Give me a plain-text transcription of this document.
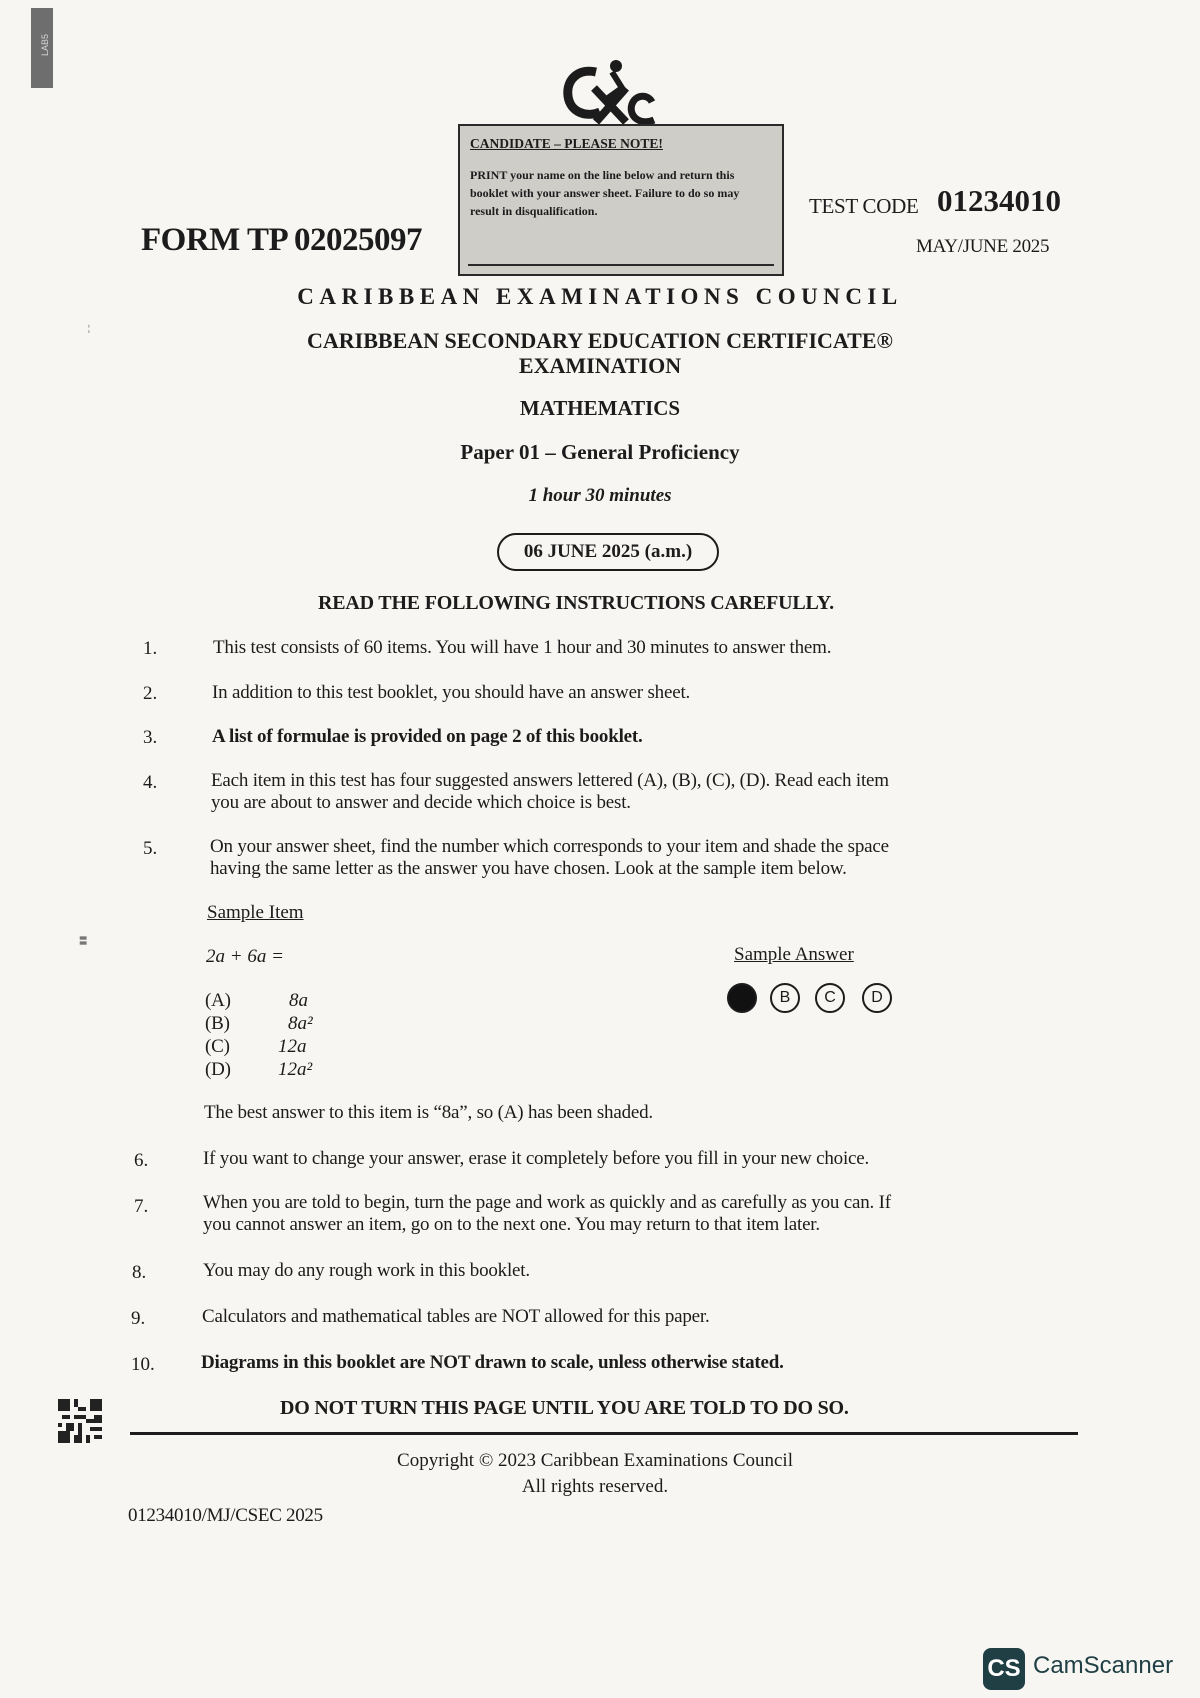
LAB5
╴╴
▮▮
CANDIDATE – PLEASE NOTE!
PRINT your name on the line below and return this booklet with your answer sheet. Failure to do so may result in disqualification.
FORM TP 02025097
TEST CODE 01234010
MAY/JUNE 2025
CARIBBEAN EXAMINATIONS COUNCIL
CARIBBEAN SECONDARY EDUCATION CERTIFICATE®
EXAMINATION
MATHEMATICS
Paper 01 – General Proficiency
1 hour 30 minutes
06 JUNE 2025 (a.m.)
READ THE FOLLOWING INSTRUCTIONS CAREFULLY.
1.	This test consists of 60 items. You will have 1 hour and 30 minutes to answer them.
2.	In addition to this test booklet, you should have an answer sheet.
3.	A list of formulae is provided on page 2 of this booklet.
4.	Each item in this test has four suggested answers lettered (A), (B), (C), (D). Read each item
you are about to answer and decide which choice is best.
5.	On your answer sheet, find the number which corresponds to your item and shade the space
having the same letter as the answer you have chosen. Look at the sample item below.
Sample Item
2a + 6a =
(A)	8a
(B)	8a²
(C)	12a
(D) 12a²
Sample Answer
B	C	D
The best answer to this item is “8a”, so (A) has been shaded.
6.	If you want to change your answer, erase it completely before you fill in your new choice.
7.	When you are told to begin, turn the page and work as quickly and as carefully as you can. If
you cannot answer an item, go on to the next one. You may return to that item later.
8.	You may do any rough work in this booklet.
9.	Calculators and mathematical tables are NOT allowed for this paper.
10. Diagrams in this booklet are NOT drawn to scale, unless otherwise stated.
DO NOT TURN THIS PAGE UNTIL YOU ARE TOLD TO DO SO.
Copyright © 2023 Caribbean Examinations Council
All rights reserved.
01234010/MJ/CSEC 2025
CS CamScanner
